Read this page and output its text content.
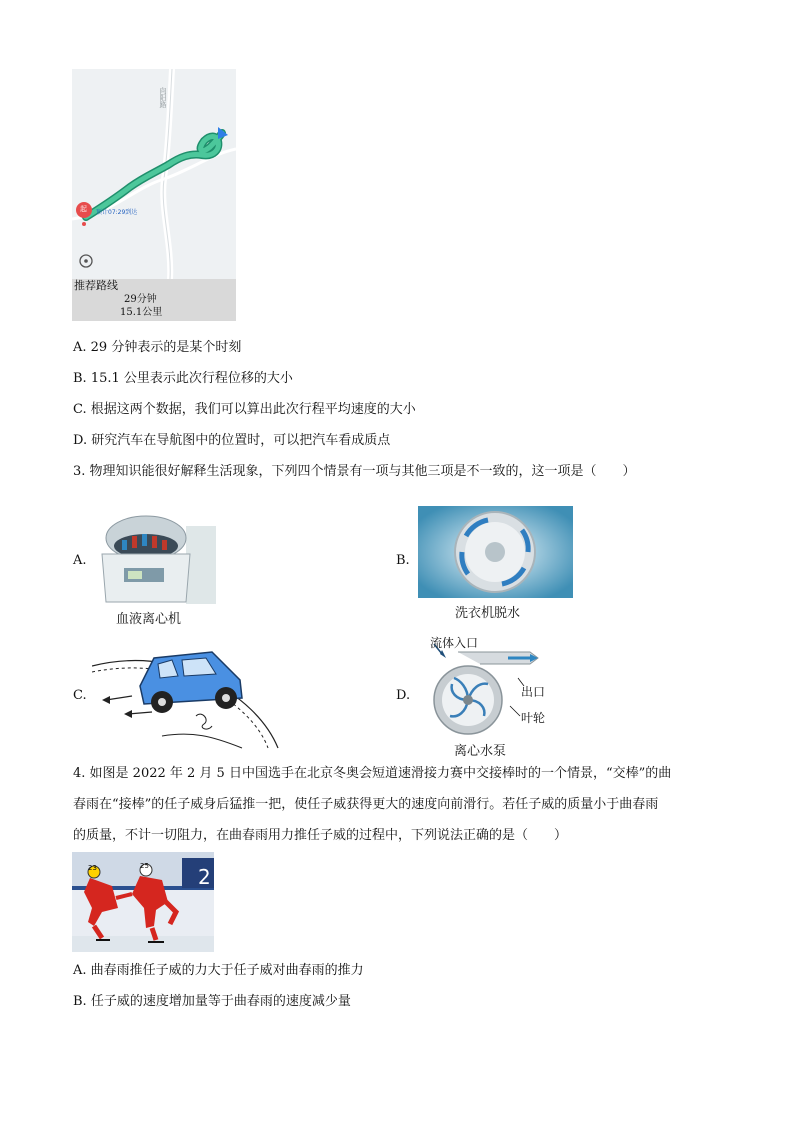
起 预计07:29到达
向阳路
推荐路线
29分钟
15.1公里
A. 29 分钟表示的是某个时刻
B. 15.1 公里表示此次行程位移的大小
C. 根据这两个数据，我们可以算出此次行程平均速度的大小
D. 研究汽车在导航图中的位置时，可以把汽车看成质点
3. 物理知识能很好解释生活现象，下列四个情景有一项与其他三项是不一致的，这一项是（　　）
A.
血液离心机
B.
洗衣机脱水
C.	D.
流体入口
出口
叶轮
离心水泵
4. 如图是 2022 年 2 月 5 日中国选手在北京冬奥会短道速滑接力赛中交接棒时的一个情景，“交棒”的曲
春雨在“接棒”的任子威身后猛推一把，使任子威获得更大的速度向前滑行。若任子威的质量小于曲春雨
的质量，不计一切阻力，在曲春雨用力推任子威的过程中，下列说法正确的是（　　）
2
23	25
A. 曲春雨推任子威的力大于任子威对曲春雨的推力
B. 任子威的速度增加量等于曲春雨的速度减少量
